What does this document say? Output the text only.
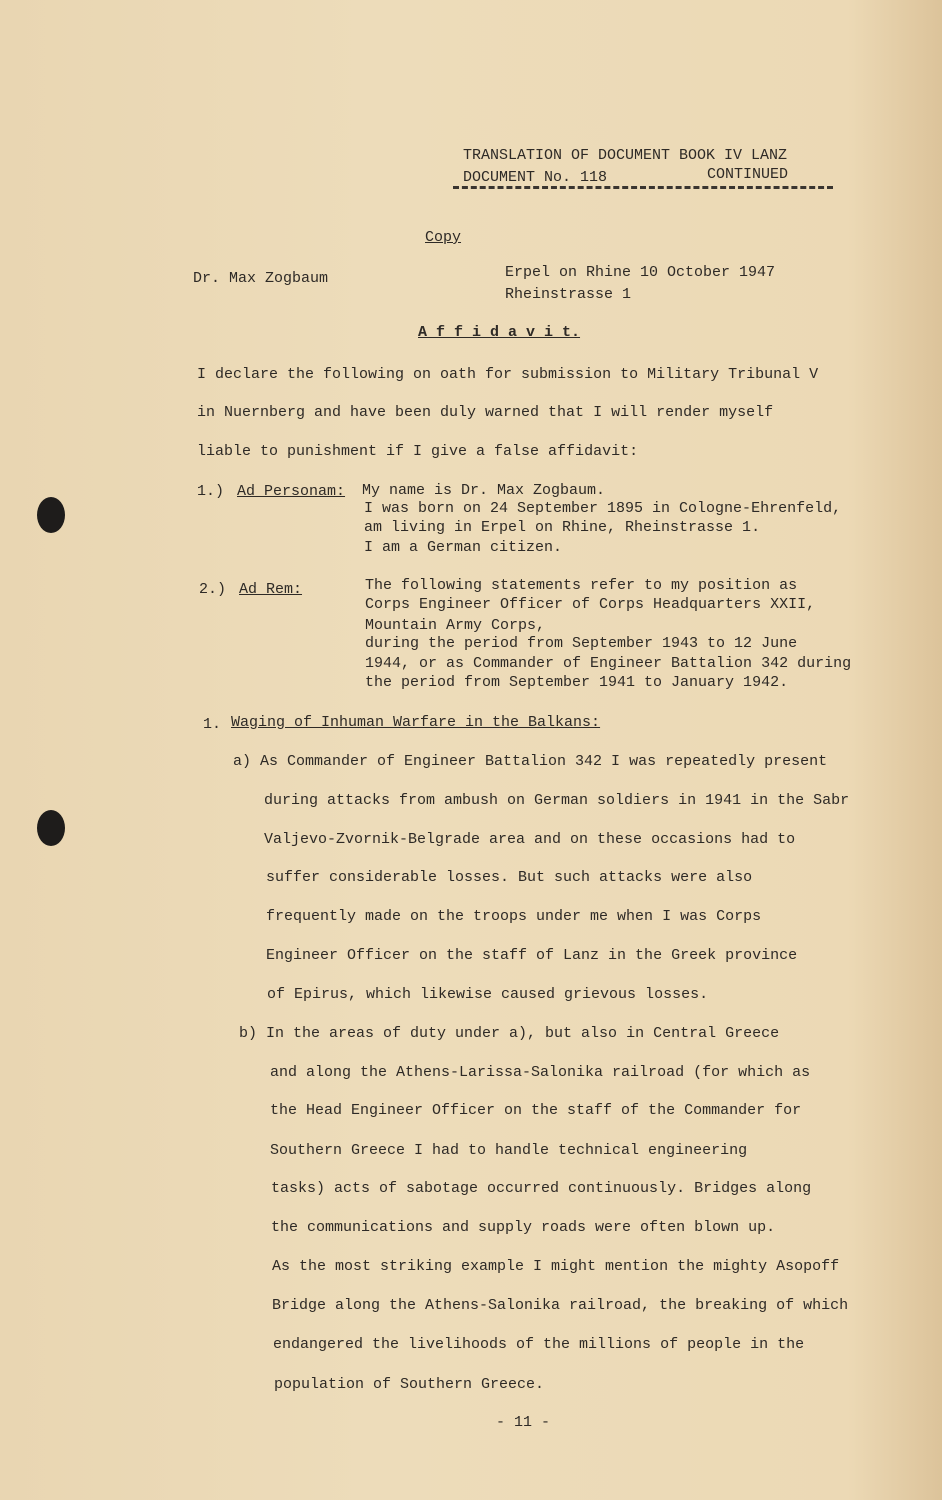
TRANSLATION OF DOCUMENT BOOK IV LANZ
DOCUMENT No. 118	CONTINUED
Copy
Dr. Max Zogbaum	Erpel on Rhine 10 October 1947
Rheinstrasse 1
A f f i d a v i t.
I declare the following on oath for submission to Military Tribunal V
in Nuernberg and have been duly warned that I will render myself
liable to punishment if I give a false affidavit:
1.) Ad Personam: My name is Dr. Max Zogbaum.
I was born on 24 September 1895 in Cologne-Ehrenfeld,
am living in Erpel on Rhine, Rheinstrasse 1.
I am a German citizen.
2.) Ad Rem:	The following statements refer to my position as
Corps Engineer Officer of Corps Headquarters XXII,
Mountain Army Corps,
during the period from September 1943 to 12 June
1944, or as Commander of Engineer Battalion 342 during
the period from September 1941 to January 1942.
1. Waging of Inhuman Warfare in the Balkans:
a) As Commander of Engineer Battalion 342 I was repeatedly present
during attacks from ambush on German soldiers in 1941 in the Sabr
Valjevo-Zvornik-Belgrade area and on these occasions had to
suffer considerable losses. But such attacks were also
frequently made on the troops under me when I was Corps
Engineer Officer on the staff of Lanz in the Greek province
of Epirus, which likewise caused grievous losses.
b) In the areas of duty under a), but also in Central Greece
and along the Athens-Larissa-Salonika railroad (for which as
the Head Engineer Officer on the staff of the Commander for
Southern Greece I had to handle technical engineering
tasks) acts of sabotage occurred continuously. Bridges along
the communications and supply roads were often blown up.
As the most striking example I might mention the mighty Asopoff
Bridge along the Athens-Salonika railroad, the breaking of which
endangered the livelihoods of the millions of people in the
population of Southern Greece.
- 11 -
